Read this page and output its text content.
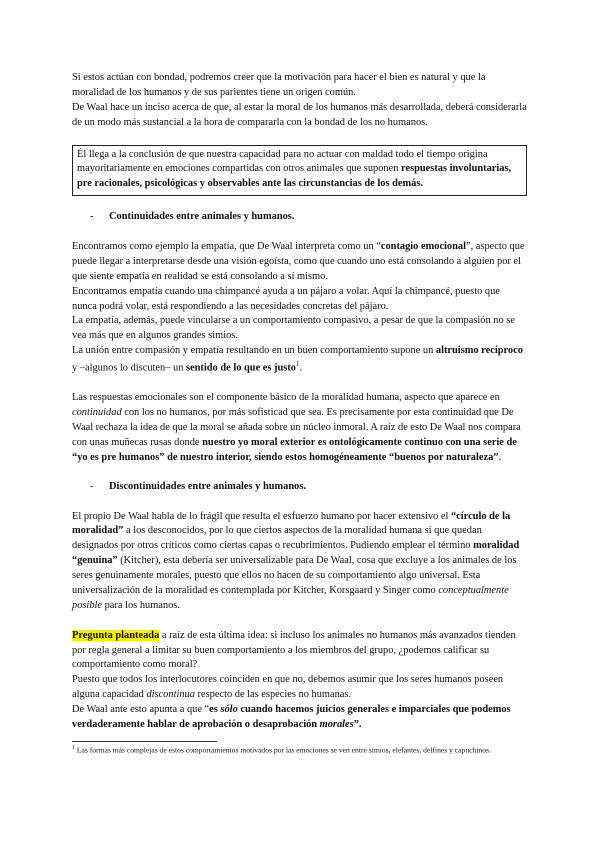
Si estos actúan con bondad, podremos creer que la motivación para hacer el bien es natural y que la moralidad de los humanos y de sus parientes tiene un origen común.

De Waal hace un inciso acerca de que, al estar la moral de los humanos más desarrollada, deberá considerarla de un modo más sustancial a la hora de compararla con la bondad de los no humanos.

Él llega a la conclusión de que nuestra capacidad para no actuar con maldad todo el tiempo origina mayoritariamente en emociones compartidas con otros animales que suponen respuestas involuntarias, pre racionales, psicológicas y observables ante las circunstancias de los demás.
- Continuidades entre animales y humanos.

Encontramos como ejemplo la empatía, que De Waal interpreta como un “contagio emocional”, aspecto que puede llegar a interpretarse desde una visión egoísta, como que cuando uno está consolando a alguien por el que siente empatía en realidad se está consolando a sí mismo.

Encontramos empatía cuando una chimpancé ayuda a un pájaro a volar. Aquí la chimpancé, puesto que nunca podrá volar, está respondiendo a las necesidades concretas del pájaro.

La empatía, además, puede vincularse a un comportamiento compasivo, a pesar de que la compasión no se vea más que en algunos grandes simios.

La unión entre compasión y empatía resultando en un buen comportamiento supone un altruismo recíproco y –algunos lo discuten– un sentido de lo que es justo$^1$.

Las respuestas emocionales son el componente básico de la moralidad humana, aspecto que aparece en continuidad con los no humanos, por más sofisticad que sea. Es precisamente por esta continuidad que De Waal rechaza la idea de que la moral se añada sobre un núcleo inmoral. A raíz de esto De Waal nos compara con unas muñecas rusas donde nuestro yo moral exterior es ontológicamente continuo con una serie de “yo es pre humanos” de nuestro interior, siendo estos homogéneamente “buenos por naturaleza”.

- Discontinuidades entre animales y humanos.

El propio De Waal habla de lo frágil que resulta el esfuerzo humano por hacer extensivo el “círculo de la moralidad” a los desconocidos, por lo que ciertos aspectos de la moralidad humana sí que quedan designados por otros críticos como ciertas capas o recubrimientos. Pudiendo emplear el término moralidad “genuina” (Kitcher), esta debería ser universalizable para De Waal, cosa que excluye a los animales de los seres genuinamente morales, puesto que ellos no hacen de su comportamiento algo universal. Esta universalización de la moralidad es contemplada por Kitcher, Korsgaard y Singer como conceptualmente posible para los humanos.

Pregunta planteada a raíz de esta última idea: si incluso los animales no humanos más avanzados tienden por regla general a limitar su buen comportamiento a los miembros del grupo, ¿podemos calificar su comportamiento como moral?

Puesto que todos los interlocutores coinciden en que no, debemos asumir que los seres humanos poseen alguna capacidad discontinua respecto de las especies no humanas.

De Waal ante esto apunta a que “es sólo cuando hacemos juicios generales e imparciales que podemos verdaderamente hablar de aprobación o desaprobación morales”.

$^1$ Las formas más complejas de estos comportamientos motivados por las emociones se ven entre simios, elefantes, delfines y capuchinos.
